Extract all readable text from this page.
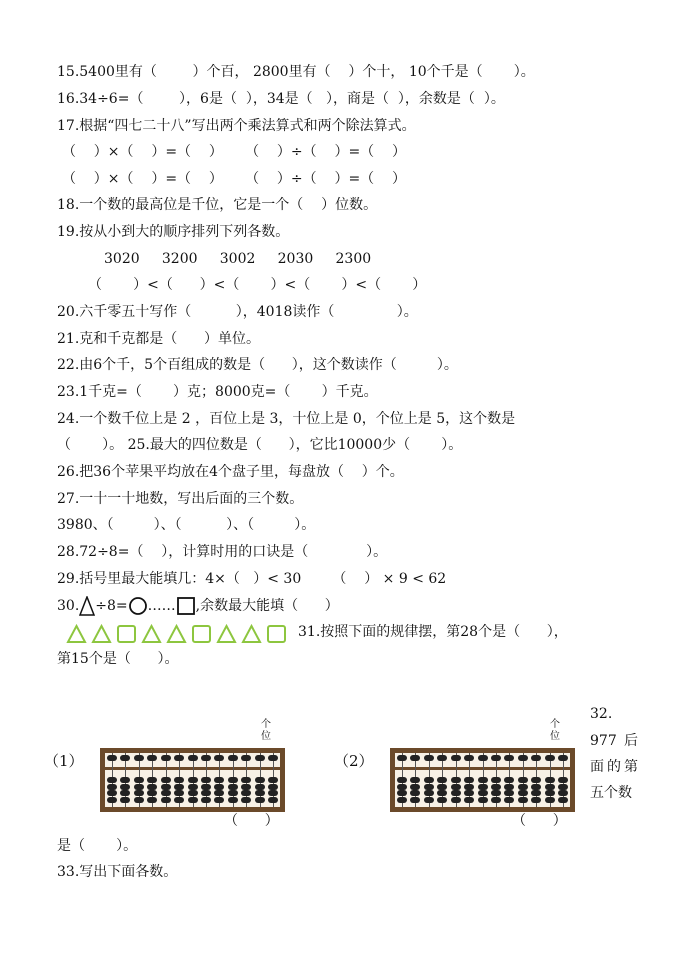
15.5400里有（        ）个百， 2800里有（    ）个十， 10个千是（       ）。
16.34÷6=（        ），6是（  ），34是（   ），商是（  ），余数是（  ）。
17.根据“四七二十八”写出两个乘法算式和两个除法算式。
（    ）×（    ）=（    ）     （    ）÷（    ）=（    ）
（    ）×（    ）=（    ）     （    ）÷（    ）=（    ）
18.一个数的最高位是千位，它是一个（    ）位数。
19.按从小到大的顺序排列下列各数。
3020     3200     3002     2030     2300
（       ）<（      ）<（       ）<（       ）<（       ）
20.六千零五十写作（          ），4018读作（              ）。
21.克和千克都是（      ）单位。
22.由6个千，5个百组成的数是（      ），这个数读作（         ）。
23.1千克=（       ）克；8000克=（       ）千克。
24.一个数千位上是 2 ，百位上是 3，十位上是 0，个位上是 5，这个数是
（       ）。 25.最大的四位数是（      ），它比10000少（       ）。
26.把36个苹果平均放在4个盘子里，每盘放（    ）个。
27.一十一十地数，写出后面的三个数。
3980、（         ）、（          ）、（         ）。
28.72÷8=（    ），计算时用的口诀是（             ）。
29.括号里最大能填几：4×（   ）< 30       （    ） × 9 < 62
30. ÷8= …… ,余数最大能填（      ）
31.按照下面的规律摆，第28个是（      ），
第15个是（      ）。
（1）
个位
（      ）
（2）
个位
（      ）
32.
977后面的第五个数
是（       ）。
33.写出下面各数。
